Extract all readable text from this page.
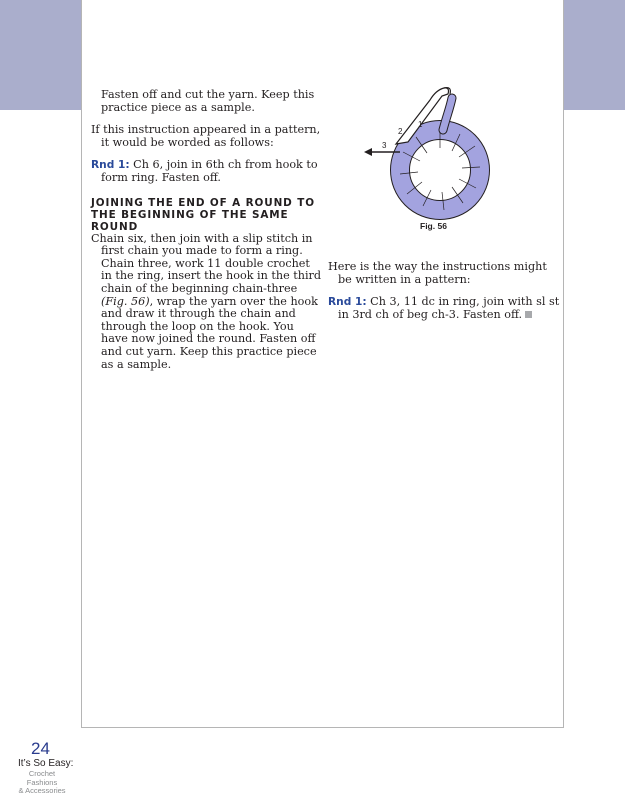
Fasten off and cut the yarn. Keep this practice piece as a sample.

If this instruction appeared in a pattern, it would be worded as follows:

Rnd 1: Ch 6, join in 6th ch from hook to form ring. Fasten off.

JOINING THE END OF A ROUND TO
THE BEGINNING OF THE SAME ROUND

Chain six, then join with a slip stitch in first chain you made to form a ring. Chain three, work 11 double crochet in the ring, insert the hook in the third chain of the beginning chain-three (Fig. 56), wrap the yarn over the hook and draw it through the chain and through the loop on the hook. You have now joined the round. Fasten off and cut yarn. Keep this practice piece as a sample.

1
2
3
Fig. 56

Here is the way the instructions might be written in a pattern:

Rnd 1: Ch 3, 11 dc in ring, join with sl st in 3rd ch of beg ch-3. Fasten off.

24
It’s So Easy:
Crochet Fashions
& Accessories
